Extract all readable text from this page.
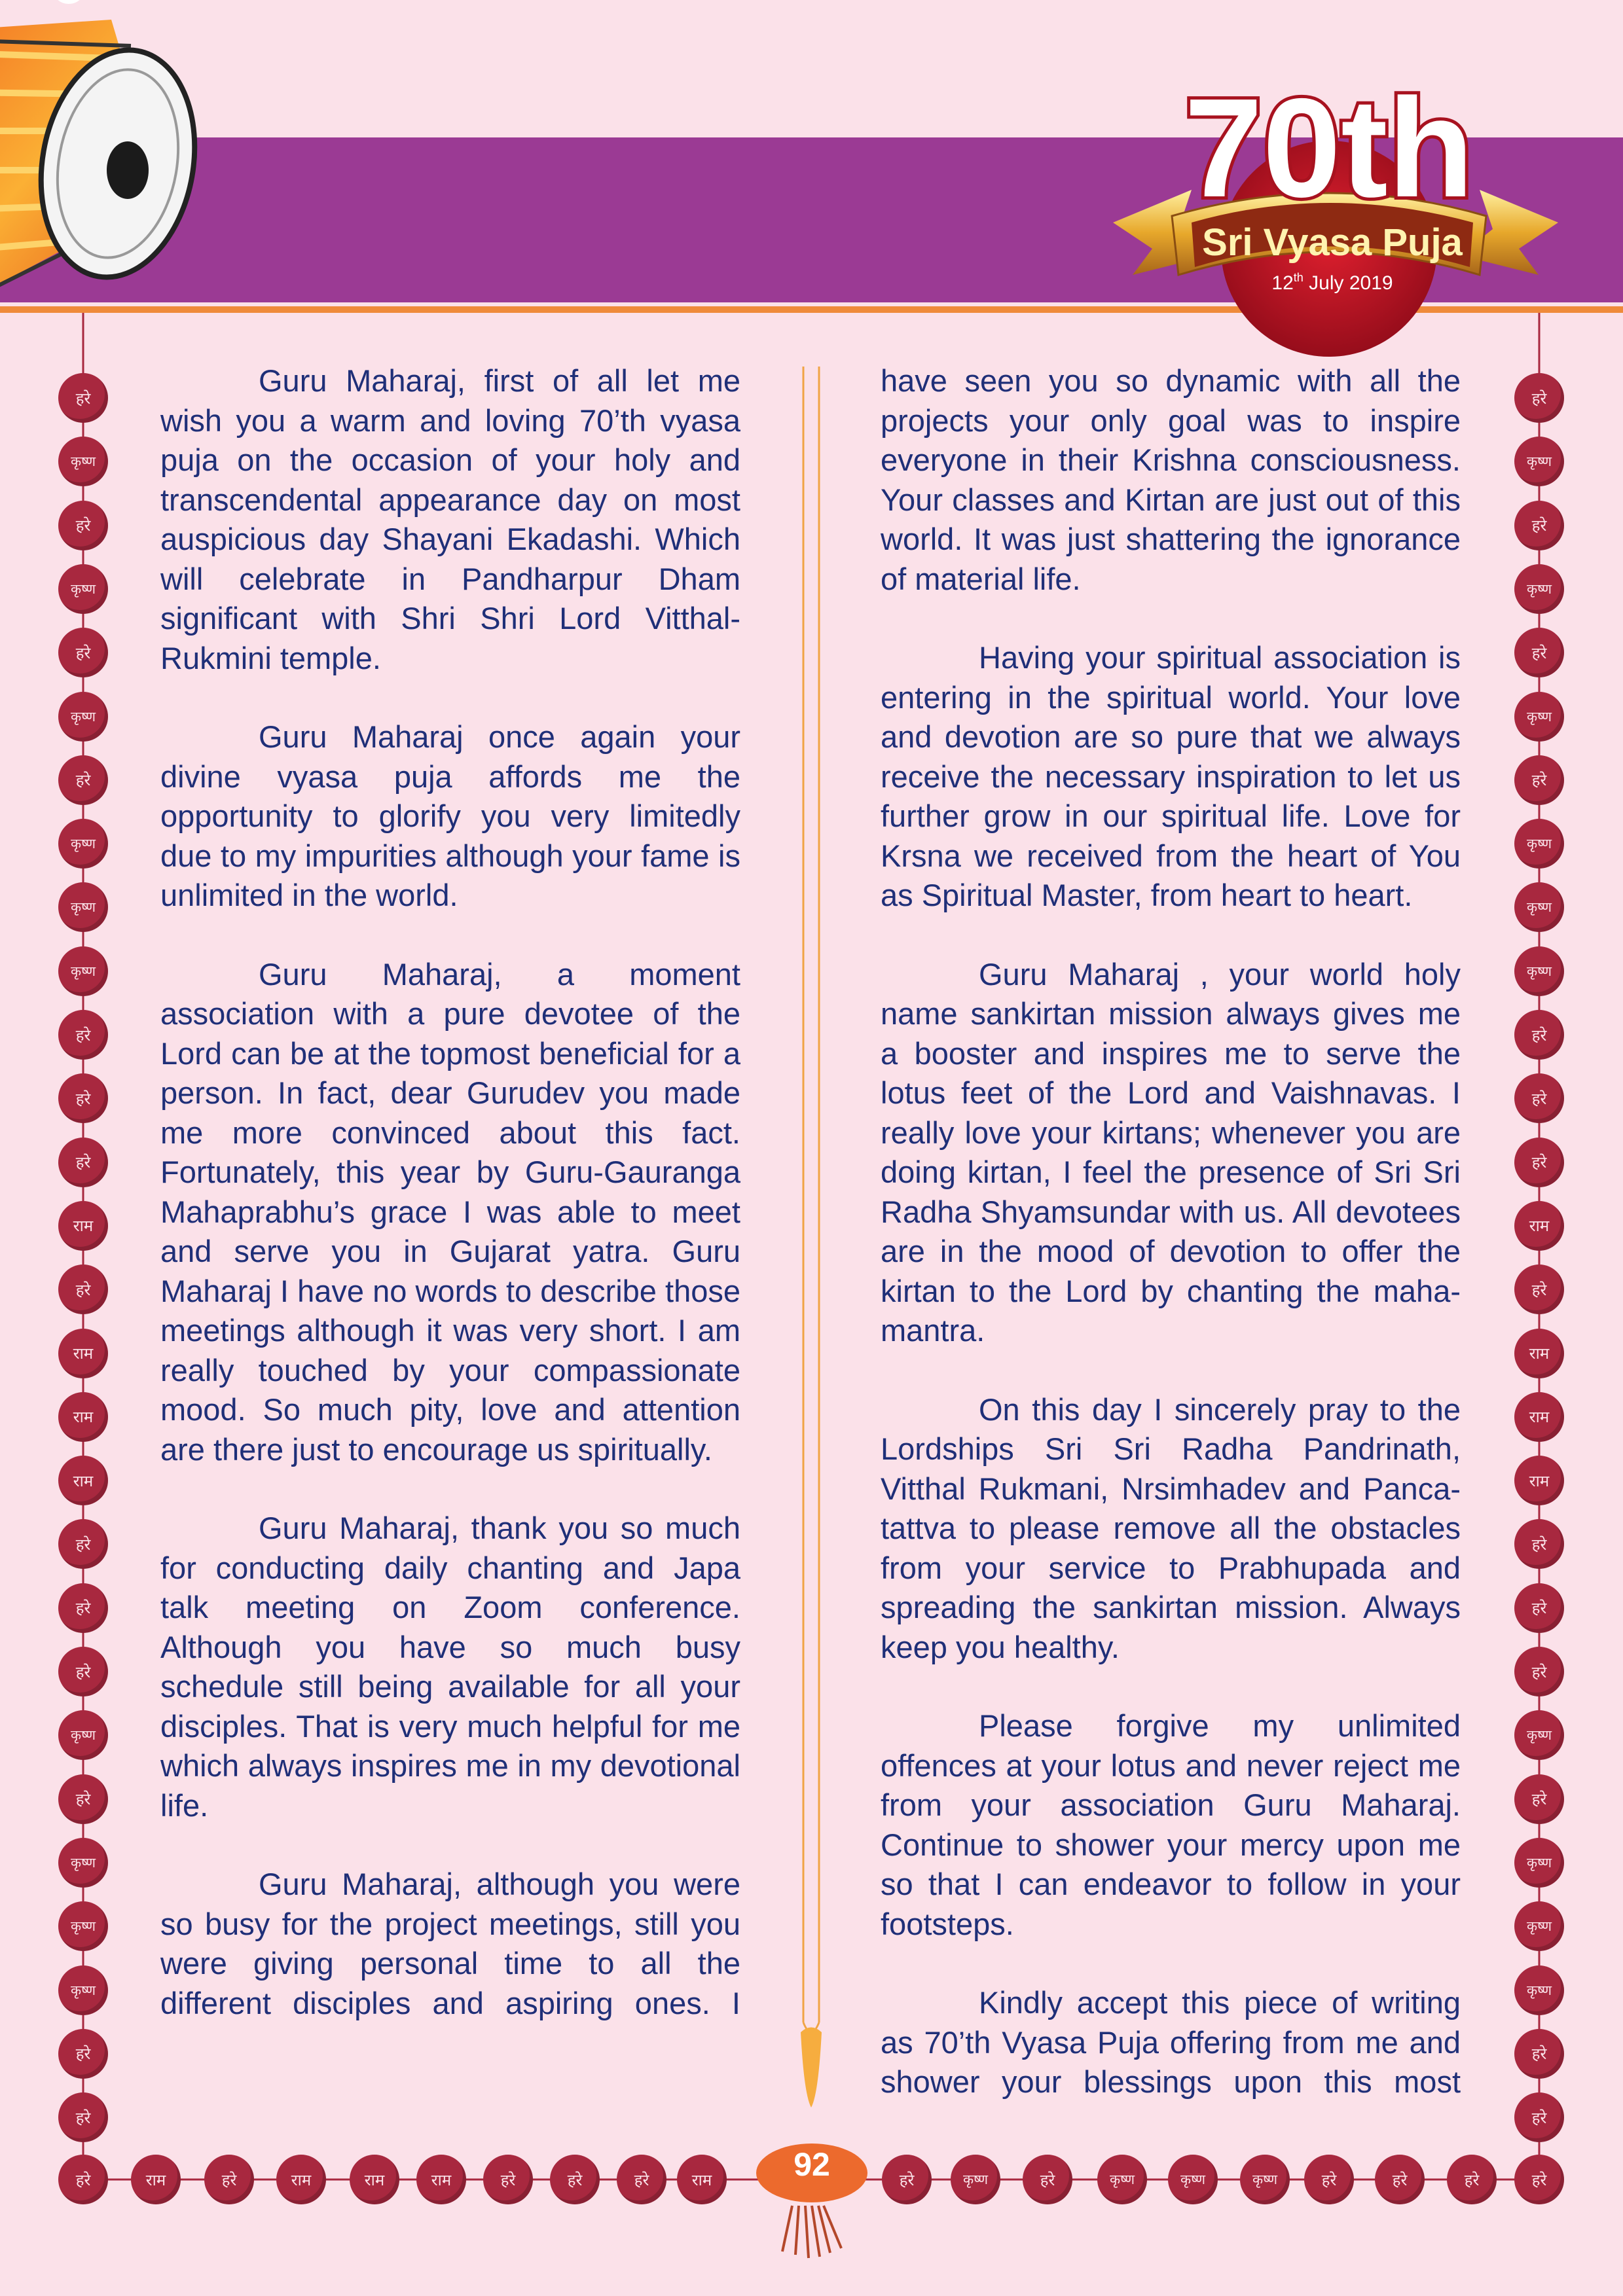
70th
Sri Vyasa Puja
12th July 2019

Guru Maharaj, first of all let me wish you a warm and loving 70’th vyasa puja on the occasion of your holy and transcendental appearance day on most auspicious day Shayani Ekadashi. Which will celebrate in Pandharpur Dham significant with Shri Shri Lord Vitthal-Rukmini temple.

Guru Maharaj once again your divine vyasa puja affords me the opportunity to glorify you very limitedly due to my impurities although your fame is unlimited in the world.

Guru Maharaj, a moment association with a pure devotee of the Lord can be at the topmost beneficial for a person. In fact, dear Gurudev you made me more convinced about this fact. Fortunately, this year by Guru-Gauranga Mahaprabhu’s grace I was able to meet and serve you in Gujarat yatra. Guru Maharaj I have no words to describe those meetings although it was very short. I am really touched by your compassionate mood. So much pity, love and attention are there just to encourage us spiritually.

Guru Maharaj, thank you so much for conducting daily chanting and Japa talk meeting on Zoom conference. Although you have so much busy schedule still being available for all your disciples. That is very much helpful for me which always inspires me in my devotional life.

Guru Maharaj, although you were so busy for the project meetings, still you were giving personal time to all the different disciples and aspiring ones. I

have seen you so dynamic with all the projects your only goal was to inspire everyone in their Krishna consciousness. Your classes and Kirtan are just out of this world. It was just shattering the ignorance of material life.

Having your spiritual association is entering in the spiritual world. Your love and devotion are so pure that we always receive the necessary inspiration to let us further grow in our spiritual life. Love for Krsna we received from the heart of You as Spiritual Master, from heart to heart.

Guru Maharaj , your world holy name sankirtan mission always gives me a booster and inspires me to serve the lotus feet of the Lord and Vaishnavas. I really love your kirtans; whenever you are doing kirtan, I feel the presence of Sri Sri Radha Shyamsundar with us. All devotees are in the mood of devotion to offer the kirtan to the Lord by chanting the maha-mantra.

On this day I sincerely pray to the Lordships Sri Sri Radha Pandrinath, Vitthal Rukmani, Nrsimhadev and Panca-tattva to please remove all the obstacles from your service to Prabhupada and spreading the sankirtan mission. Always keep you healthy.

Please forgive my unlimited offences at your lotus and never reject me from your association Guru Maharaj. Continue to shower your mercy upon me so that I can endeavor to follow in your footsteps.

Kindly accept this piece of writing as 70’th Vyasa Puja offering from me and shower your blessings upon this most

हरे
कृष्ण
हरे
कृष्ण
हरे
कृष्ण
हरे
कृष्ण
कृष्ण
कृष्ण
हरे
हरे
हरे
राम
हरे
राम
राम
राम
हरे
हरे
हरे
कृष्ण
हरे
कृष्ण
कृष्ण
कृष्ण
हरे
हरे
हरे
कृष्ण
हरे
कृष्ण
हरे
कृष्ण
हरे
कृष्ण
कृष्ण
कृष्ण
हरे
हरे
हरे
राम
हरे
राम
राम
राम
हरे
हरे
हरे
कृष्ण
हरे
कृष्ण
कृष्ण
कृष्ण
हरे
हरे
हरे	राम	हरे	राम	राम	राम	हरे	हरे	हरे	राम	हरे	कृष्ण	हरे	कृष्ण	कृष्ण	कृष्ण	हरे	हरे	हरे	हरे
92
